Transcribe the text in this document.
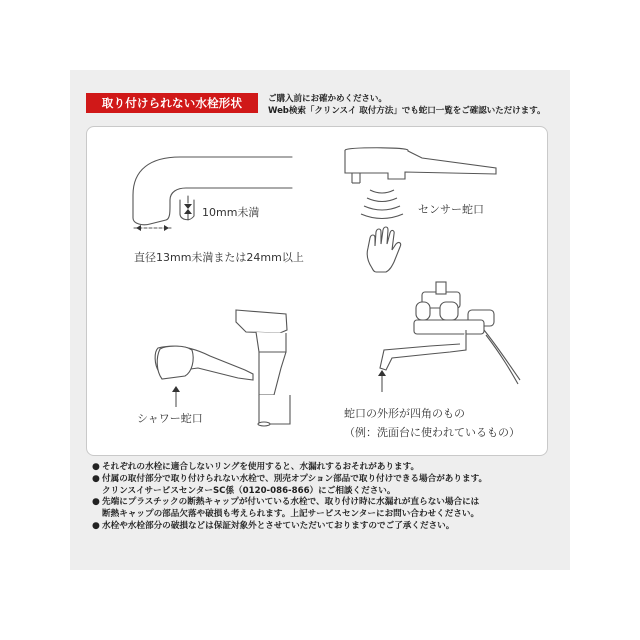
取り付けられない水栓形状	ご購入前にお確かめください。
Web検索「クリンスイ 取付方法」でも蛇口一覧をご確認いただけます。
10mm未満
直径13mm未満または24mm以上
センサー蛇口
シャワー蛇口	蛇口の外形が四角のもの
（例：洗面台に使われているもの）
● それぞれの水栓に適合しないリングを使用すると、水漏れするおそれがあります。
● 付属の取付部分で取り付けられない水栓で、別売オプション部品で取り付けできる場合があります。
クリンスイサービスセンターSC係（0120-086-866）にご相談ください。
● 先端にプラスチックの断熱キャップが付いている水栓で、取り付け時に水漏れが直らない場合には
断熱キャップの部品欠落や破損も考えられます。上記サービスセンターにお問い合わせください。
● 水栓や水栓部分の破損などは保証対象外とさせていただいておりますのでご了承ください。
